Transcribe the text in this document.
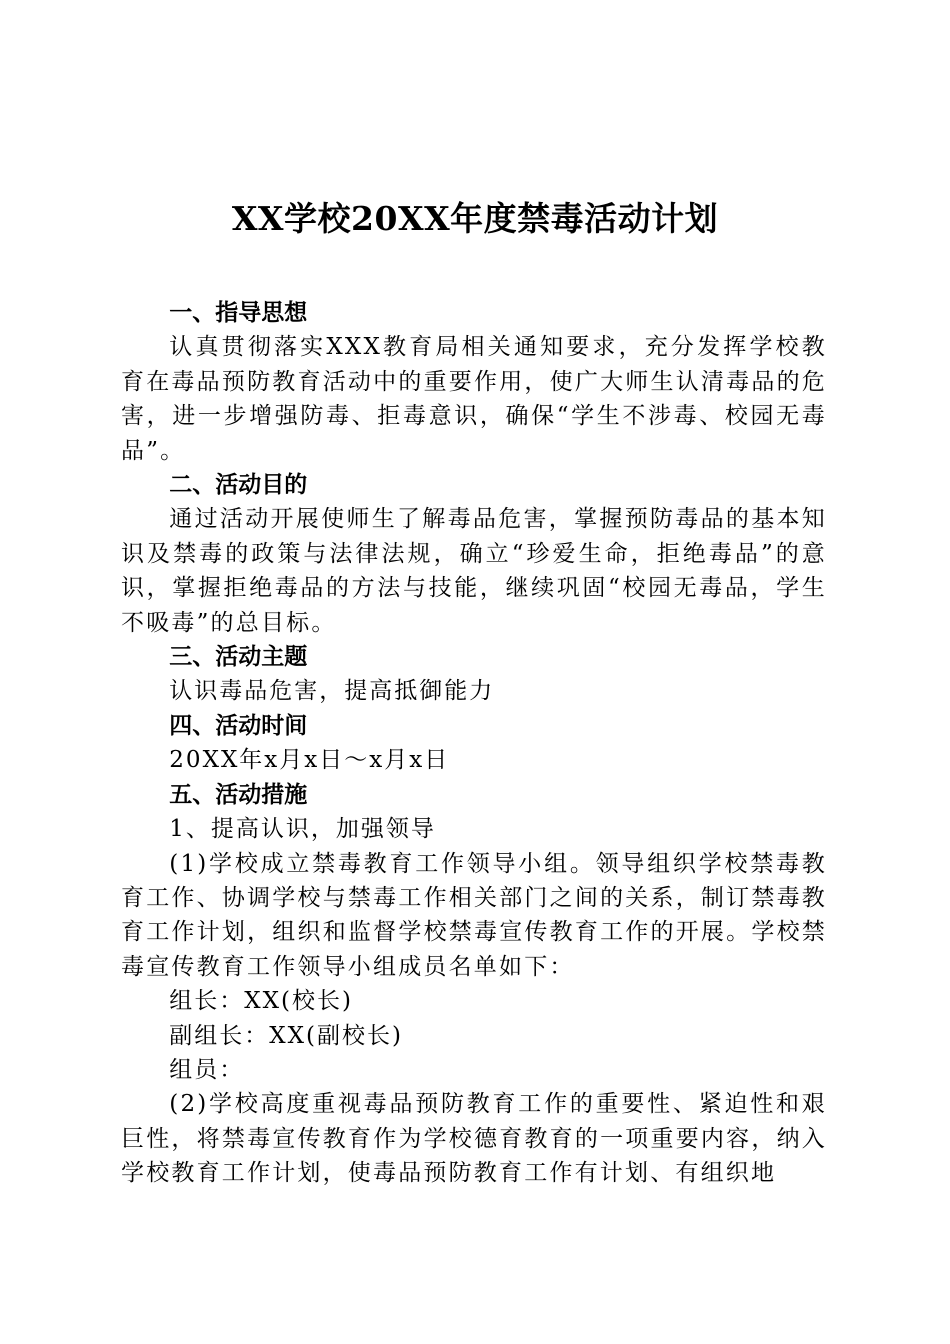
XX学校20XX年度禁毒活动计划

一、指导思想

认真贯彻落实XXX教育局相关通知要求，充分发挥学校教育在毒品预防教育活动中的重要作用，使广大师生认清毒品的危害，进一步增强防毒、拒毒意识，确保“学生不涉毒、校园无毒品”。

二、活动目的

通过活动开展使师生了解毒品危害，掌握预防毒品的基本知识及禁毒的政策与法律法规，确立“珍爱生命，拒绝毒品”的意识，掌握拒绝毒品的方法与技能，继续巩固“校园无毒品，学生不吸毒”的总目标。

三、活动主题

认识毒品危害，提高抵御能力

四、活动时间

20XX年x月x日～x月x日

五、活动措施

1、提高认识，加强领导

(1)学校成立禁毒教育工作领导小组。领导组织学校禁毒教育工作、协调学校与禁毒工作相关部门之间的关系，制订禁毒教育工作计划，组织和监督学校禁毒宣传教育工作的开展。学校禁毒宣传教育工作领导小组成员名单如下：

组长：XX(校长)

副组长：XX(副校长)

组员：

(2)学校高度重视毒品预防教育工作的重要性、紧迫性和艰巨性，将禁毒宣传教育作为学校德育教育的一项重要内容，纳入学校教育工作计划，使毒品预防教育工作有计划、有组织地
